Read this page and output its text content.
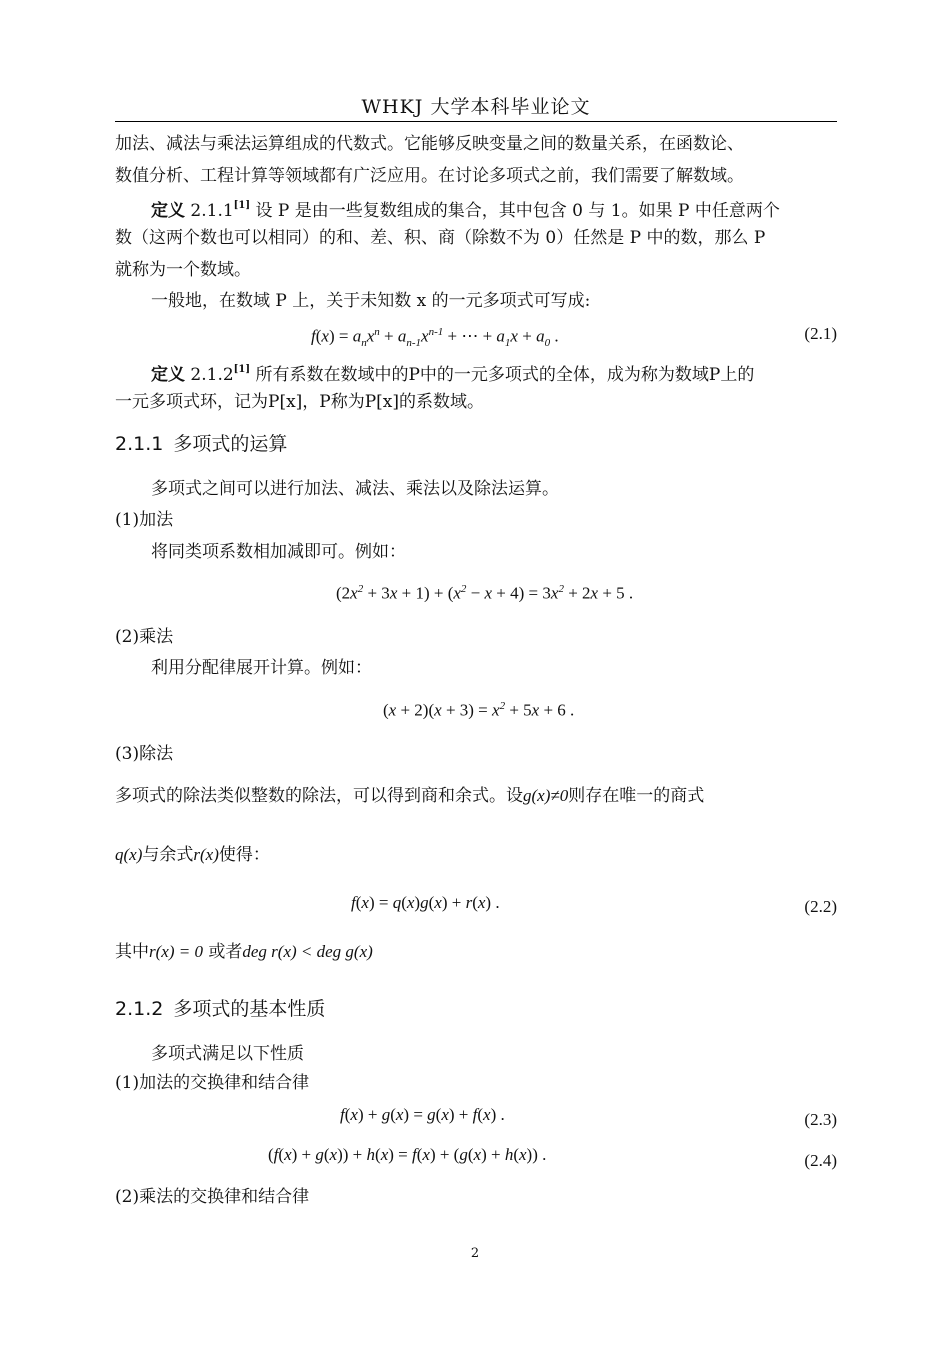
WHKJ 大学本科毕业论文
加法、减法与乘法运算组成的代数式。它能够反映变量之间的数量关系，在函数论、
数值分析、工程计算等领域都有广泛应用。在讨论多项式之前，我们需要了解数域。
定义 2.1.1[1] 设 P 是由一些复数组成的集合，其中包含 0 与 1。如果 P 中任意两个
数（这两个数也可以相同）的和、差、积、商（除数不为 0）任然是 P 中的数，那么 P
就称为一个数域。
一般地，在数域 P 上，关于未知数 x 的一元多项式可写成:
$f(x) = a_nx^n + a_{n-1}x^{n-1}$ + ⋯ + $a_1x + a_0$ .	(2.1)
定义 2.1.2[1] 所有系数在数域中的P中的一元多项式的全体，成为称为数域P上的
一元多项式环，记为P[x]，P称为P[x]的系数域。
2.1.1 多项式的运算
多项式之间可以进行加法、减法、乘法以及除法运算。
(1)加法
将同类项系数相加减即可。例如：
$(2x^2 + 3x + 1) + (x^2 - x + 4) = 3x^2 + 2x + 5$ .
(2)乘法
利用分配律展开计算。例如：
$(x + 2)(x + 3) = x^2 + 5x + 6$ .
(3)除法
多项式的除法类似整数的除法，可以得到商和余式。设g(x)≠0则存在唯一的商式
q(x)与余式r(x)使得：
f(x) = q(x)g(x) + r(x) .	(2.2)
其中r(x) = 0 或者deg r(x) < deg g(x)
2.1.2 多项式的基本性质
多项式满足以下性质
(1)加法的交换律和结合律
f(x) + g(x) = g(x) + f(x) .	(2.3)
(f(x) + g(x)) + h(x) = f(x) + (g(x) + h(x)) .	(2.4)
(2)乘法的交换律和结合律
2
